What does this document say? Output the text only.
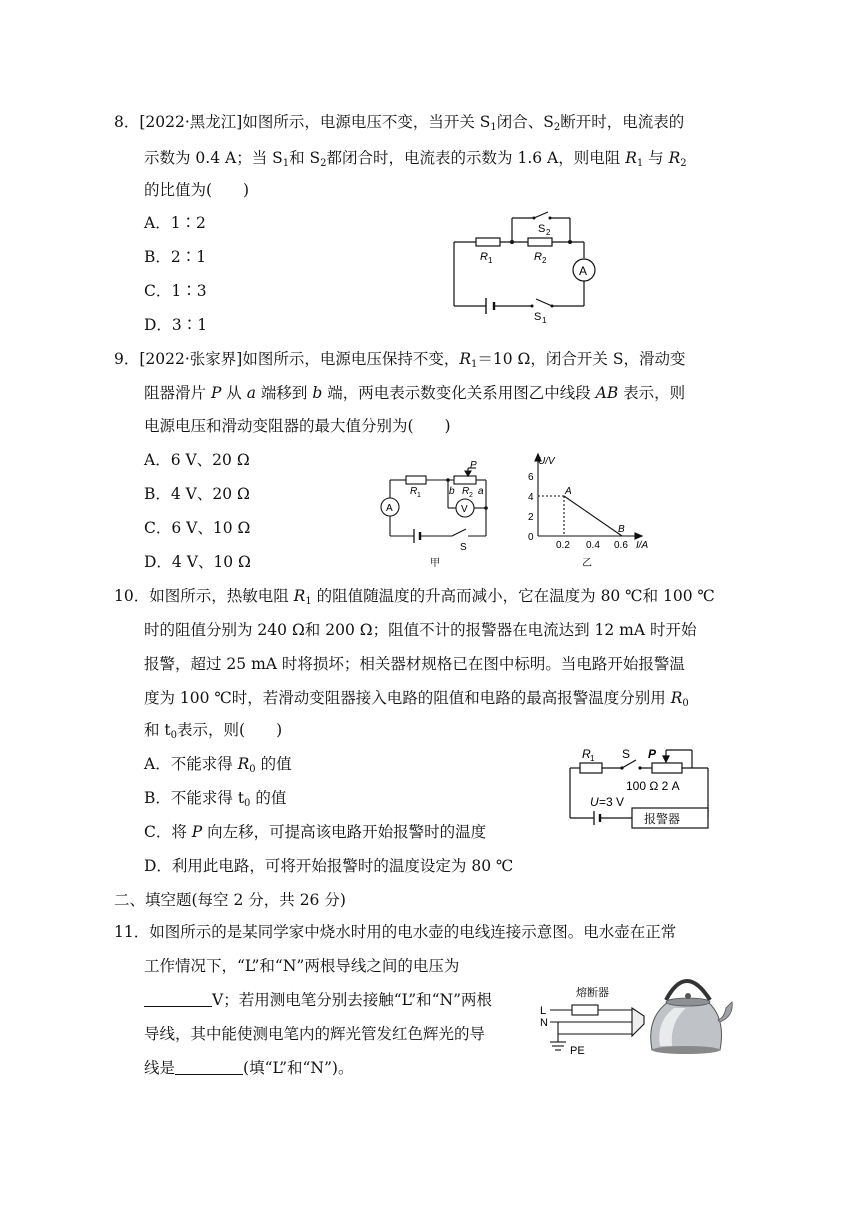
8．[2022·黑龙江]如图所示，电源电压不变，当开关 $S_1$闭合、$S_2$断开时，电流表的
示数为 0.4 A；当 $S_1$和 $S_2$都闭合时，电流表的示数为 1.6 A，则电阻 $R_1$ 与 $R_2$
的比值为(　　)
A．1∶2
B．2∶1
C．1∶3
D．3∶1
A
R 1	R 2
S 2
S 1
9．[2022·张家界]如图所示，电源电压保持不变，$R_1=10$ Ω，闭合开关 S，滑动变
阻器滑片 P 从 a 端移到 b 端，两电表示数变化关系用图乙中线段 AB 表示，则
电源电压和滑动变阻器的最大值分别为(　　)
A．6 V、20 Ω
B．4 V、20 Ω
C．6 V、10 Ω
D．4 V、10 Ω
R 1	R 2
P
b a
V
A
S
甲
U/V
I/A
6
4
2
0
0.2 0.4 0.6
A
B
乙
10．如图所示，热敏电阻 $R_1$ 的阻值随温度的升高而减小，它在温度为 80 ℃和 100 ℃
时的阻值分别为 240 Ω和 200 Ω；阻值不计的报警器在电流达到 12 mA 时开始
报警，超过 25 mA 时将损坏；相关器材规格已在图中标明。当电路开始报警温
度为 100 ℃时，若滑动变阻器接入电路的阻值和电路的最高报警温度分别用 $R_0$
和 $t_0$表示，则(　　)
A．不能求得 $R_0$ 的值
B．不能求得 $t_0$ 的值
C．将 P 向左移，可提高该电路开始报警时的温度
D．利用此电路，可将开始报警时的温度设定为 80 ℃
R 1 S P
100 Ω 2 A
U =3 V
报警器
二、填空题(每空 2 分，共 26 分)
11．如图所示的是某同学家中烧水时用的电水壶的电线连接示意图。电水壶在正常
工作情况下，“L”和“N”两根导线之间的电压为
V；若用测电笔分别去接触“L”和“N”两根
导线，其中能使测电笔内的辉光管发红色辉光的导
线是	(填“L”和“N”)。
熔断器
L
N
PE
